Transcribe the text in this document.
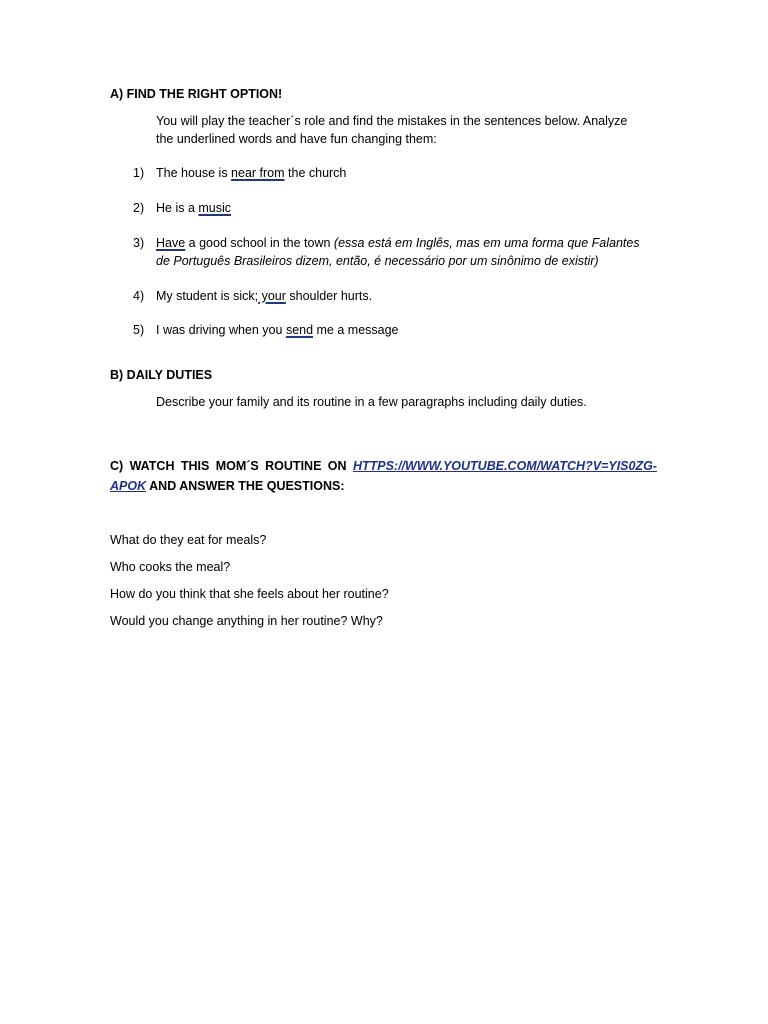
A) FIND THE RIGHT OPTION!
You will play the teacher´s role and find the mistakes in the sentences below. Analyze
the underlined words and have fun changing them:
1) The house is near from the church
2) He is a music
3) Have a good school in the town (essa está em Inglês, mas em uma forma que Falantes
de Português Brasileiros dizem, então, é necessário por um sinônimo de existir)
4) My student is sick; your shoulder hurts.
5) I was driving when you send me a message
B) DAILY DUTIES
Describe your family and its routine in a few paragraphs including daily duties.
C) WATCH THIS MOM´S ROUTINE ON HTTPS://WWW.YOUTUBE.COM/WATCH?V=YIS0ZG-
APOK AND ANSWER THE QUESTIONS:
What do they eat for meals?
Who cooks the meal?
How do you think that she feels about her routine?
Would you change anything in her routine? Why?
